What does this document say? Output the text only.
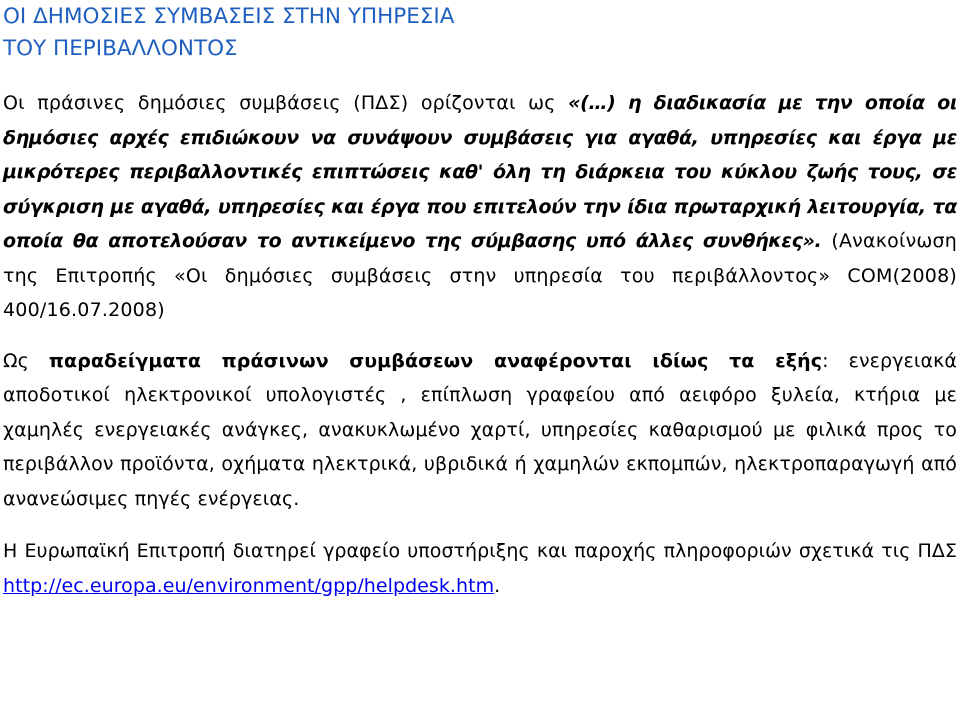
ΟΙ ΔΗΜΟΣΙΕΣ ΣΥΜΒΑΣΕΙΣ ΣΤΗΝ ΥΠΗΡΕΣΙΑ
ΤΟΥ ΠΕΡΙΒΑΛΛΟΝΤΟΣ

Οι πράσινες δημόσιες συμβάσεις (ΠΔΣ) ορίζονται ως «(…) η διαδικασία με την οποία οι δημόσιες αρχές επιδιώκουν να συνάψουν συμβάσεις για αγαθά, υπηρεσίες και έργα με μικρότερες περιβαλλοντικές επιπτώσεις καθ' όλη τη διάρκεια του κύκλου ζωής τους, σε σύγκριση με αγαθά, υπηρεσίες και έργα που επιτελούν την ίδια πρωταρχική λειτουργία, τα οποία θα αποτελούσαν το αντικείμενο της σύμβασης υπό άλλες συνθήκες». (Ανακοίνωση της Επιτροπής «Οι δημόσιες συμβάσεις στην υπηρεσία του περιβάλλοντος» COM(2008) 400/16.07.2008)

Ως παραδείγματα πράσινων συμβάσεων αναφέρονται ιδίως τα εξής: ενεργειακά αποδοτικοί ηλεκτρονικοί υπολογιστές , επίπλωση γραφείου από αειφόρο ξυλεία, κτήρια με χαμηλές ενεργειακές ανάγκες, ανακυκλωμένο χαρτί, υπηρεσίες καθαρισμού με φιλικά προς το περιβάλλον προϊόντα, οχήματα ηλεκτρικά, υβριδικά ή χαμηλών εκπομπών, ηλεκτροπαραγωγή από ανανεώσιμες πηγές ενέργειας.

Η Ευρωπαϊκή Επιτροπή διατηρεί γραφείο υποστήριξης και παροχής πληροφοριών σχετικά τις ΠΔΣ http://ec.europa.eu/environment/gpp/helpdesk.htm.
